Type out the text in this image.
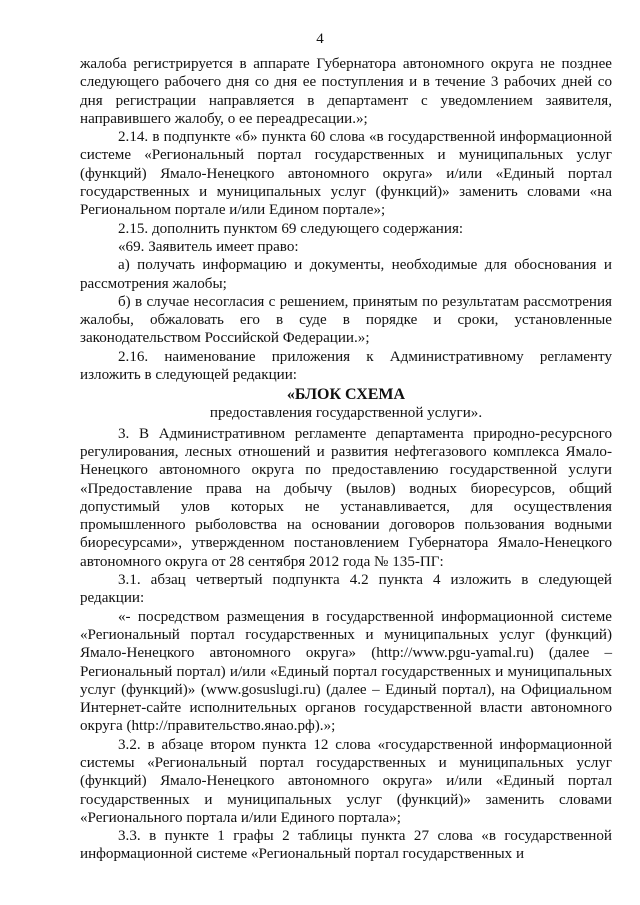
4

жалоба регистрируется в аппарате Губернатора автономного округа не позднее следующего рабочего дня со дня ее поступления и в течение 3 рабочих дней со дня регистрации направляется в департамент с уведомлением заявителя, направившего жалобу, о ее переадресации.»;

2.14. в подпункте «б» пункта 60 слова «в государственной информационной системе «Региональный портал государственных и муниципальных услуг (функций) Ямало-Ненецкого автономного округа» и/или «Единый портал государственных и муниципальных услуг (функций)» заменить словами «на Региональном портале и/или Едином портале»;

2.15. дополнить пунктом 69 следующего содержания:

«69. Заявитель имеет право:

а) получать информацию и документы, необходимые для обоснования и рассмотрения жалобы;

б) в случае несогласия с решением, принятым по результатам рассмотрения жалобы, обжаловать его в суде в порядке и сроки, установленные законодательством Российской Федерации.»;

2.16. наименование приложения к Административному регламенту изложить в следующей редакции:

«БЛОК СХЕМА

предоставления государственной услуги».

3. В Административном регламенте департамента природно-ресурсного регулирования, лесных отношений и развития нефтегазового комплекса Ямало-Ненецкого автономного округа по предоставлению государственной услуги «Предоставление права на добычу (вылов) водных биоресурсов, общий допустимый улов которых не устанавливается, для осуществления промышленного рыболовства на основании договоров пользования водными биоресурсами», утвержденном постановлением Губернатора Ямало-Ненецкого автономного округа от 28 сентября 2012 года № 135-ПГ:

3.1. абзац четвертый подпункта 4.2 пункта 4 изложить в следующей редакции:

«- посредством размещения в государственной информационной системе «Региональный портал государственных и муниципальных услуг (функций) Ямало-Ненецкого автономного округа» (http://www.pgu-yamal.ru) (далее – Региональный портал) и/или «Единый портал государственных и муниципальных услуг (функций)» (www.gosuslugi.ru) (далее – Единый портал), на Официальном Интернет-сайте исполнительных органов государственной власти автономного округа (http://правительство.янао.рф).»;

3.2. в абзаце втором пункта 12 слова «государственной информационной системы «Региональный портал государственных и муниципальных услуг (функций) Ямало-Ненецкого автономного округа» и/или «Единый портал государственных и муниципальных услуг (функций)» заменить словами «Регионального портала и/или Единого портала»;

3.3. в пункте 1 графы 2 таблицы пункта 27 слова «в государственной информационной системе «Региональный портал государственных и
